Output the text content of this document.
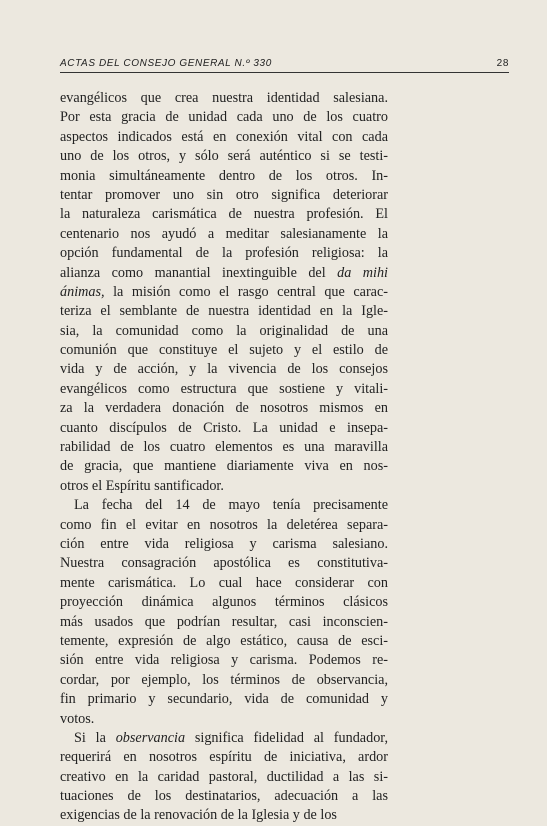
ACTAS DEL CONSEJO GENERAL N.º 330	28
evangélicos que crea nuestra identidad salesiana.
Por esta gracia de unidad cada uno de los cuatro
aspectos indicados está en conexión vital con cada
uno de los otros, y sólo será auténtico si se testi-
monia simultáneamente dentro de los otros. In-
tentar promover uno sin otro significa deteriorar
la naturaleza carismática de nuestra profesión. El
centenario nos ayudó a meditar salesianamente la
opción fundamental de la profesión religiosa: la
alianza como manantial inextinguible del da mihi
ánimas, la misión como el rasgo central que carac-
teriza el semblante de nuestra identidad en la Igle-
sia, la comunidad como la originalidad de una
comunión que constituye el sujeto y el estilo de
vida y de acción, y la vivencia de los consejos
evangélicos como estructura que sostiene y vitali-
za la verdadera donación de nosotros mismos en
cuanto discípulos de Cristo. La unidad e insepa-
rabilidad de los cuatro elementos es una maravilla
de gracia, que mantiene diariamente viva en nos-
otros el Espíritu santificador.
La fecha del 14 de mayo tenía precisamente
como fin el evitar en nosotros la deletérea separa-
ción entre vida religiosa y carisma salesiano.
Nuestra consagración apostólica es constitutiva-
mente carismática. Lo cual hace considerar con
proyección dinámica algunos términos clásicos
más usados que podrían resultar, casi inconscien-
temente, expresión de algo estático, causa de esci-
sión entre vida religiosa y carisma. Podemos re-
cordar, por ejemplo, los términos de observancia,
fin primario y secundario, vida de comunidad y
votos.
Si la observancia significa fidelidad al fundador,
requerirá en nosotros espíritu de iniciativa, ardor
creativo en la caridad pastoral, ductilidad a las si-
tuaciones de los destinatarios, adecuación a las
exigencias de la renovación de la Iglesia y de los
